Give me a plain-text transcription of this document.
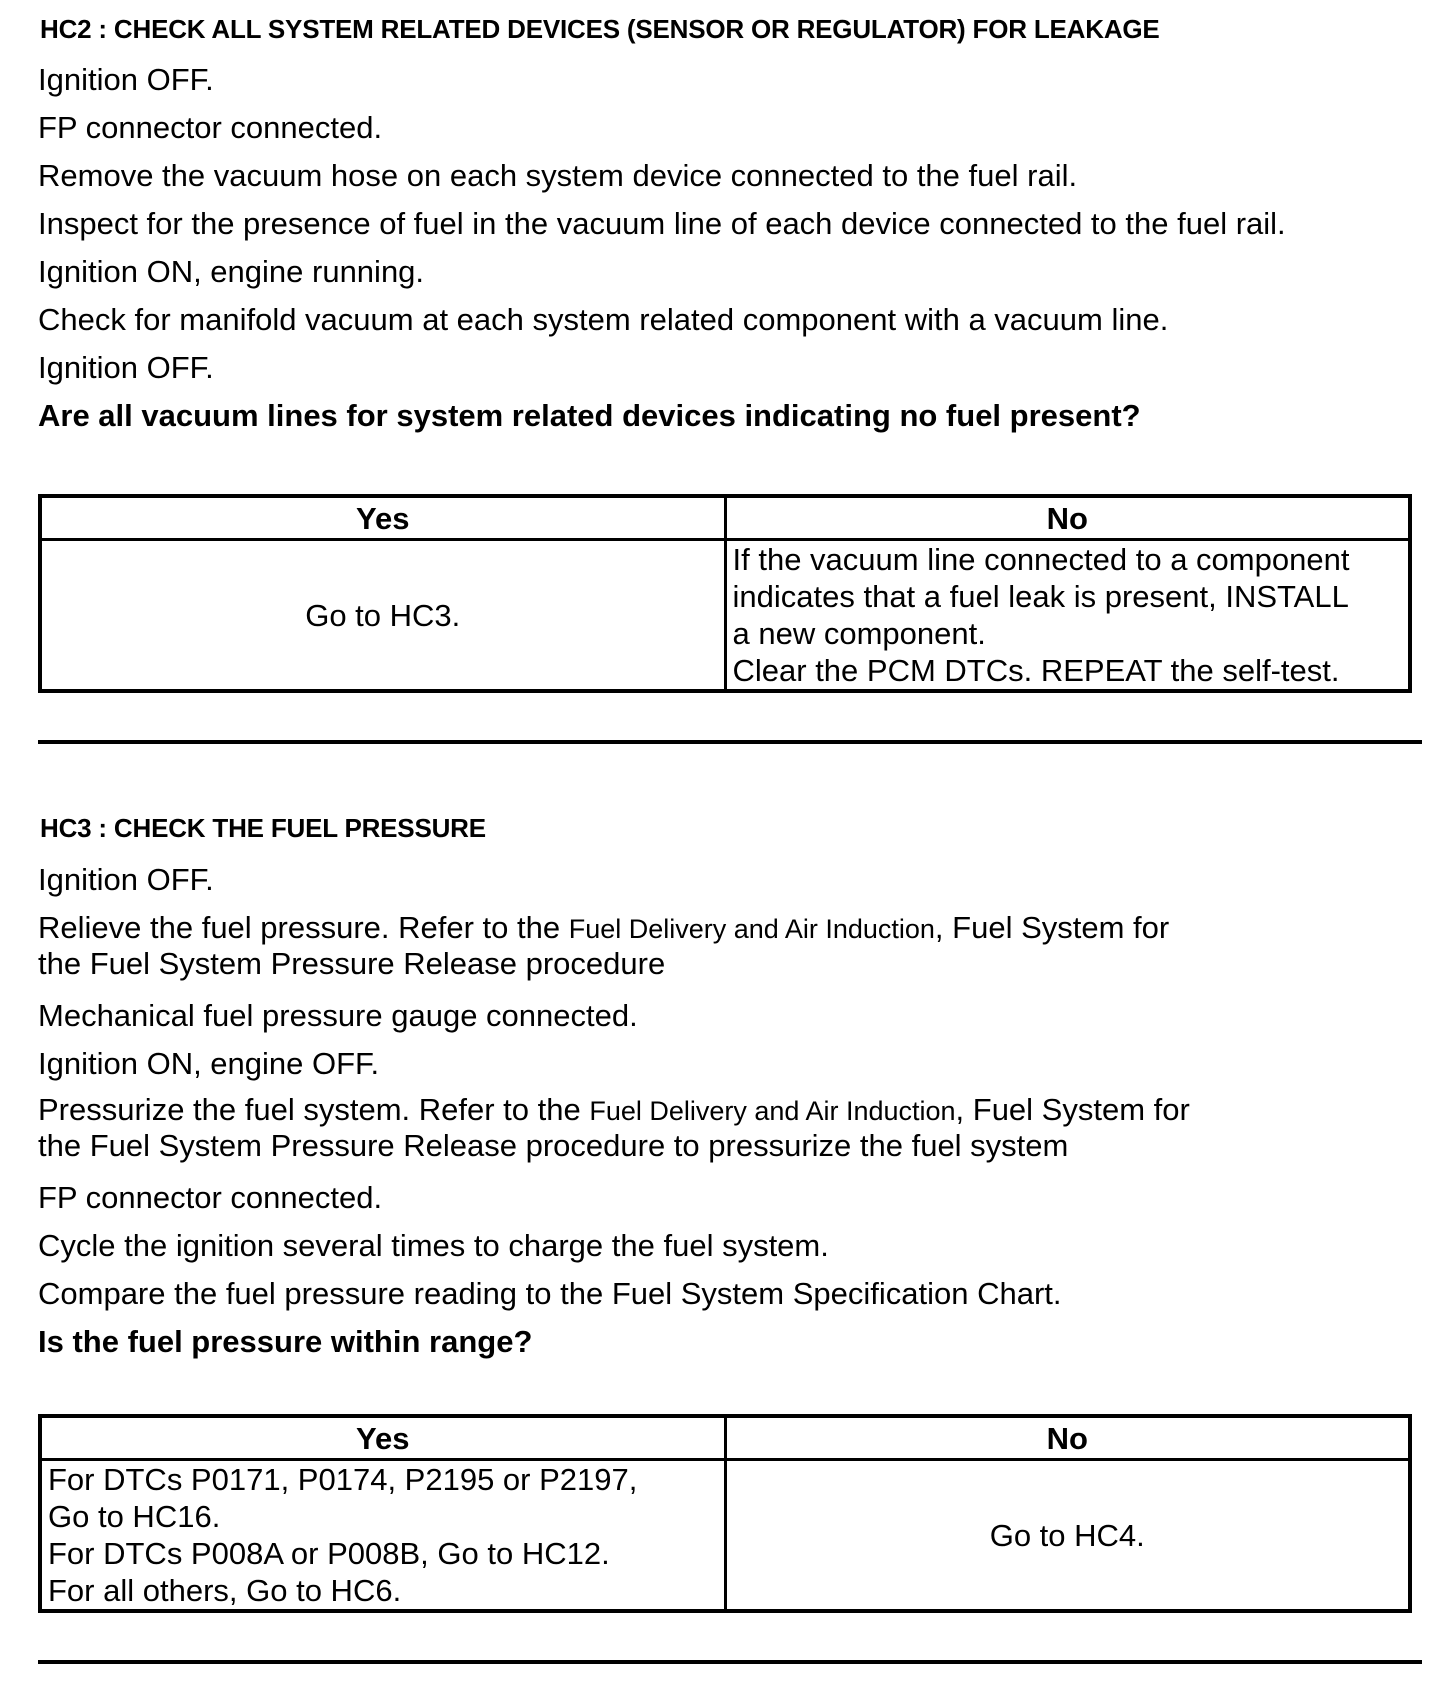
HC2 : CHECK ALL SYSTEM RELATED DEVICES (SENSOR OR REGULATOR) FOR LEAKAGE
Ignition OFF.
FP connector connected.
Remove the vacuum hose on each system device connected to the fuel rail.
Inspect for the presence of fuel in the vacuum line of each device connected to the fuel rail.
Ignition ON, engine running.
Check for manifold vacuum at each system related component with a vacuum line.
Ignition OFF.
Are all vacuum lines for system related devices indicating no fuel present?
Yes	No
Go to HC3.	If the vacuum line connected to a component
indicates that a fuel leak is present, INSTALL
a new component.
Clear the PCM DTCs. REPEAT the self-test.
HC3 : CHECK THE FUEL PRESSURE
Ignition OFF.
Relieve the fuel pressure. Refer to the Fuel Delivery and Air Induction, Fuel System for
the Fuel System Pressure Release procedure
Mechanical fuel pressure gauge connected.
Ignition ON, engine OFF.
Pressurize the fuel system. Refer to the Fuel Delivery and Air Induction, Fuel System for
the Fuel System Pressure Release procedure to pressurize the fuel system
FP connector connected.
Cycle the ignition several times to charge the fuel system.
Compare the fuel pressure reading to the Fuel System Specification Chart.
Is the fuel pressure within range?
Yes	No

For DTCs P0171, P0174, P2195 or P2197,
Go to HC16.
For DTCs P008A or P008B, Go to HC12.
For all others, Go to HC6.	Go to HC4.
